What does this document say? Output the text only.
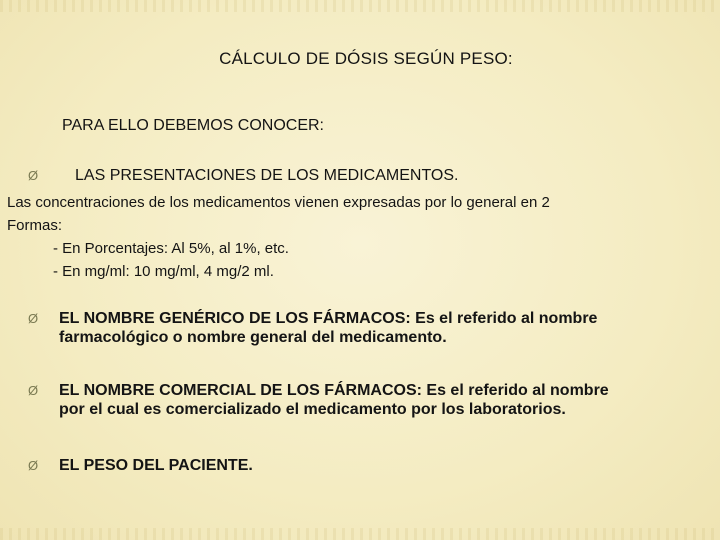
CÁLCULO DE DÓSIS SEGÚN PESO:
PARA ELLO DEBEMOS CONOCER:
Ø LAS PRESENTACIONES DE LOS MEDICAMENTOS.
Las concentraciones de los medicamentos vienen expresadas por lo general en 2
Formas:
- En Porcentajes: Al 5%, al 1%, etc.
- En mg/ml: 10 mg/ml, 4 mg/2 ml.
Ø EL NOMBRE GENÉRICO DE LOS FÁRMACOS: Es el referido al nombre
farmacológico o nombre general del medicamento.
Ø EL NOMBRE COMERCIAL DE LOS FÁRMACOS: Es el referido al nombre
por el cual es comercializado el medicamento por los laboratorios.
Ø EL PESO DEL PACIENTE.
